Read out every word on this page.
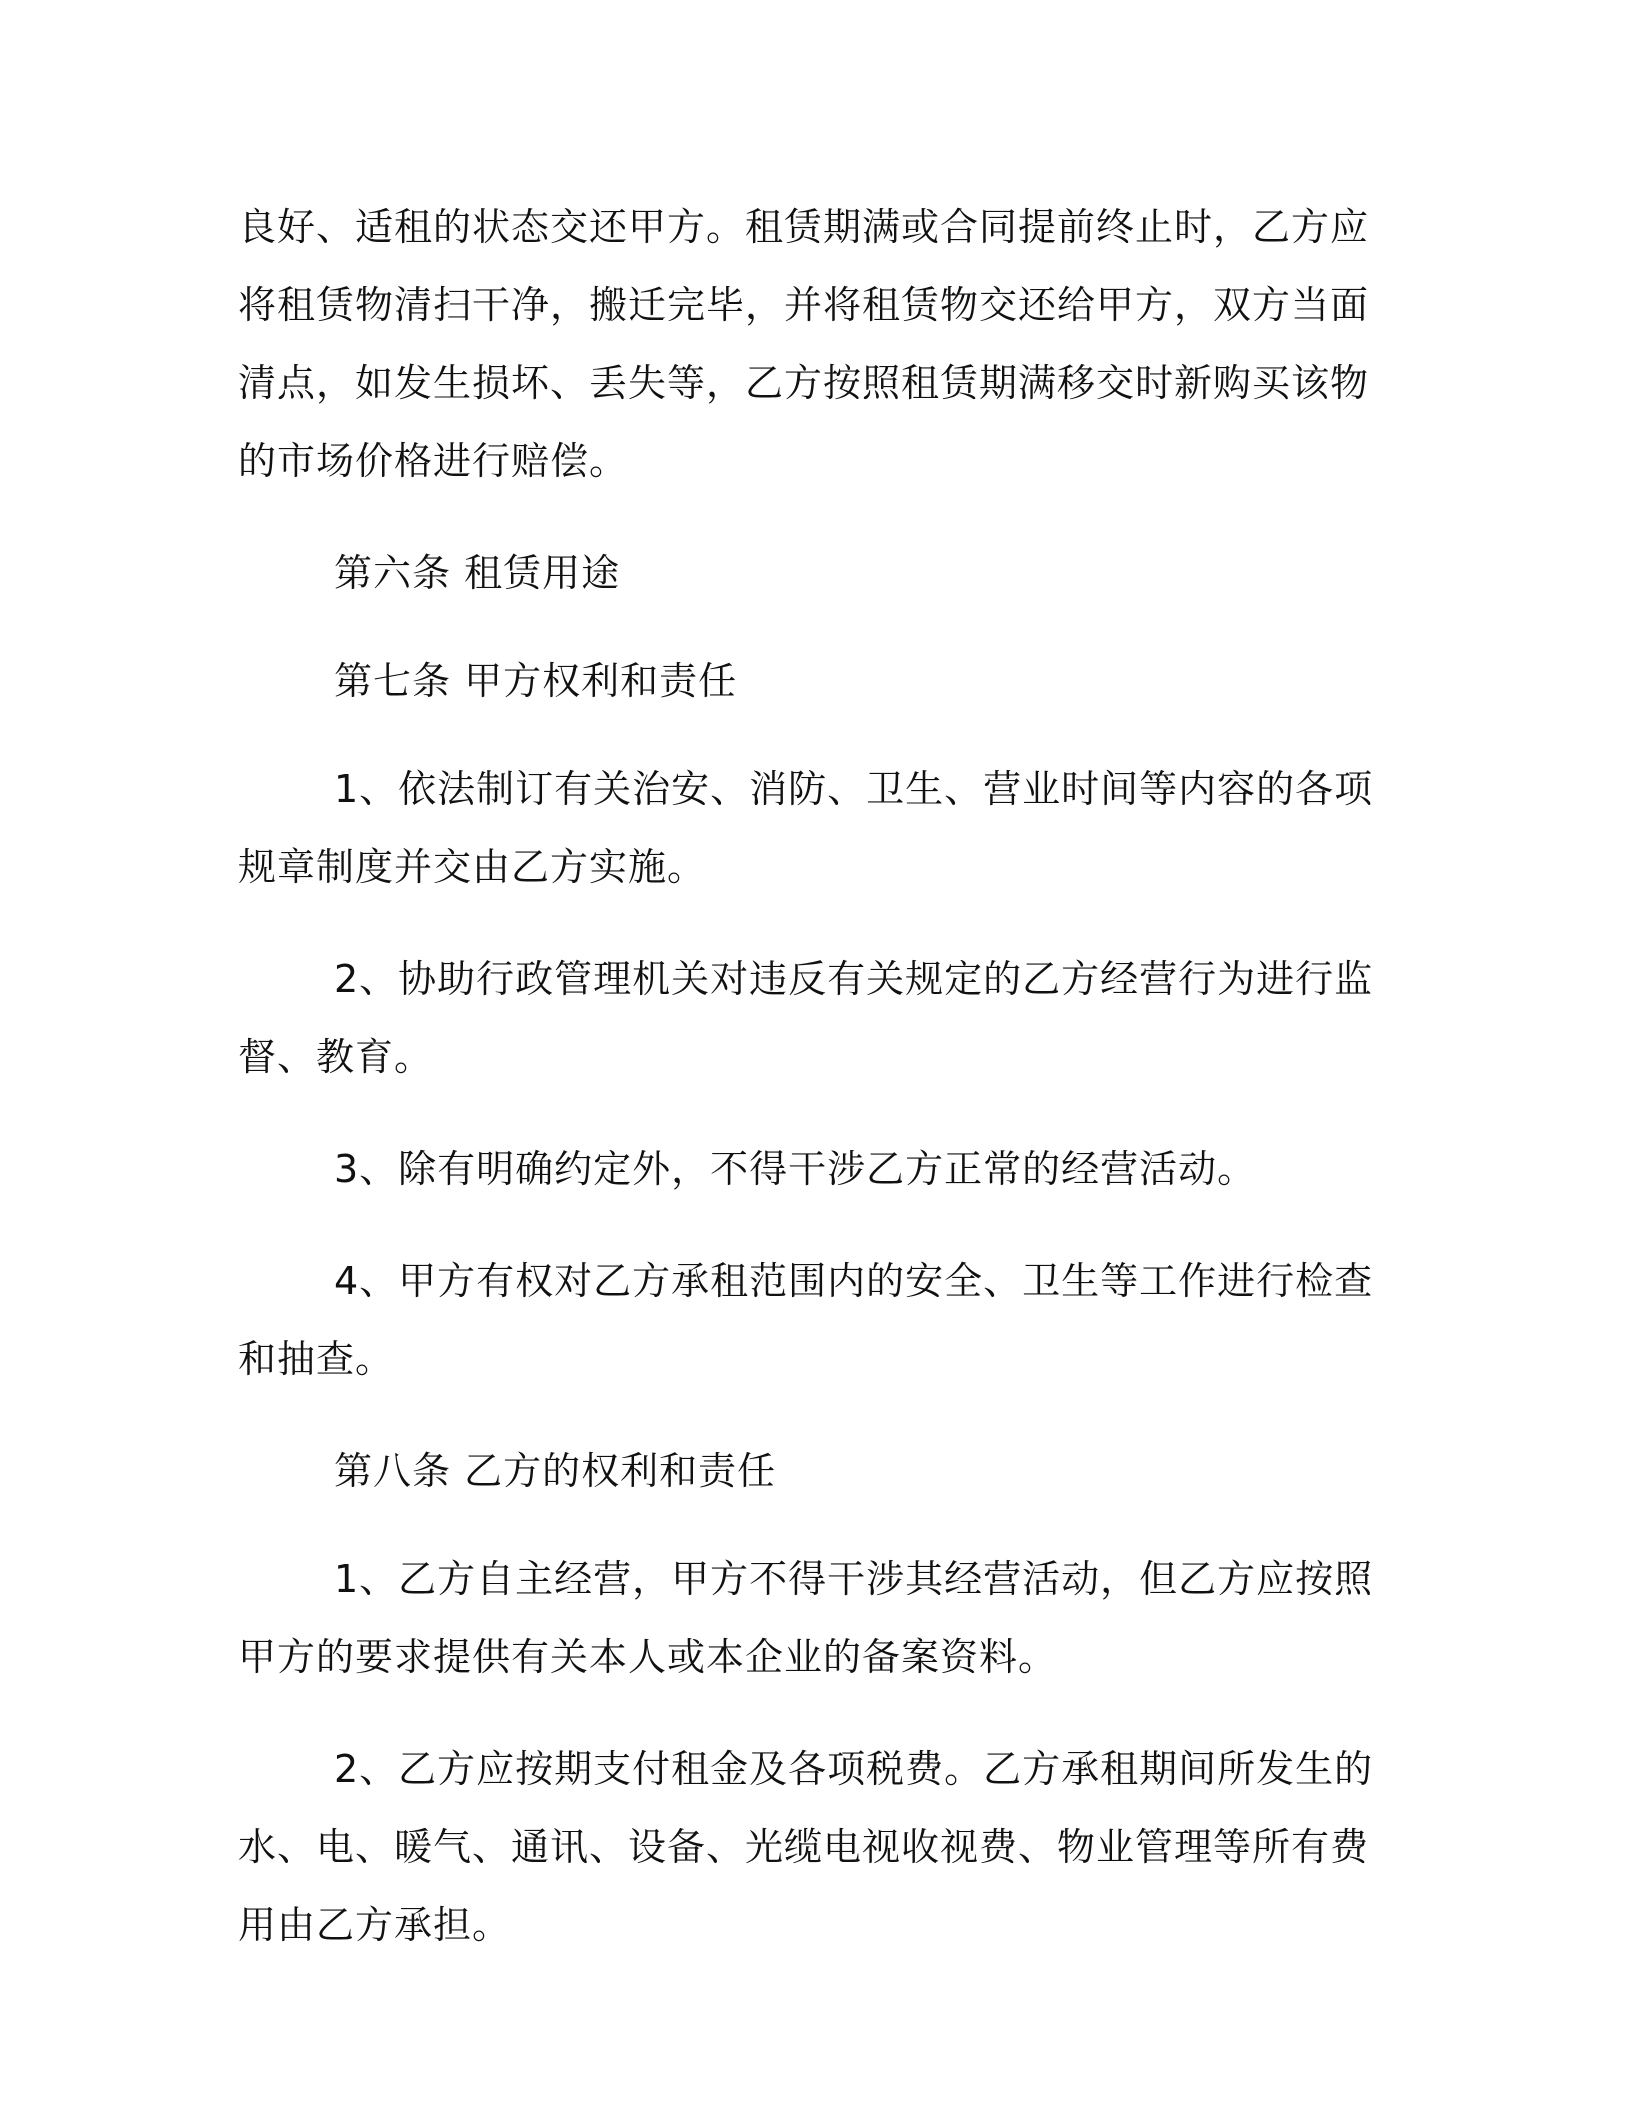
良好、适租的状态交还甲方。租赁期满或合同提前终止时，乙方应将租赁物清扫干净，搬迁完毕，并将租赁物交还给甲方，双方当面清点，如发生损坏、丢失等，乙方按照租赁期满移交时新购买该物的市场价格进行赔偿。

第六条 租赁用途

第七条 甲方权利和责任

1、依法制订有关治安、消防、卫生、营业时间等内容的各项规章制度并交由乙方实施。

2、协助行政管理机关对违反有关规定的乙方经营行为进行监督、教育。

3、除有明确约定外，不得干涉乙方正常的经营活动。

4、甲方有权对乙方承租范围内的安全、卫生等工作进行检查和抽查。

第八条 乙方的权利和责任

1、乙方自主经营，甲方不得干涉其经营活动，但乙方应按照甲方的要求提供有关本人或本企业的备案资料。

2、乙方应按期支付租金及各项税费。乙方承租期间所发生的水、电、暖气、通讯、设备、光缆电视收视费、物业管理等所有费用由乙方承担。
